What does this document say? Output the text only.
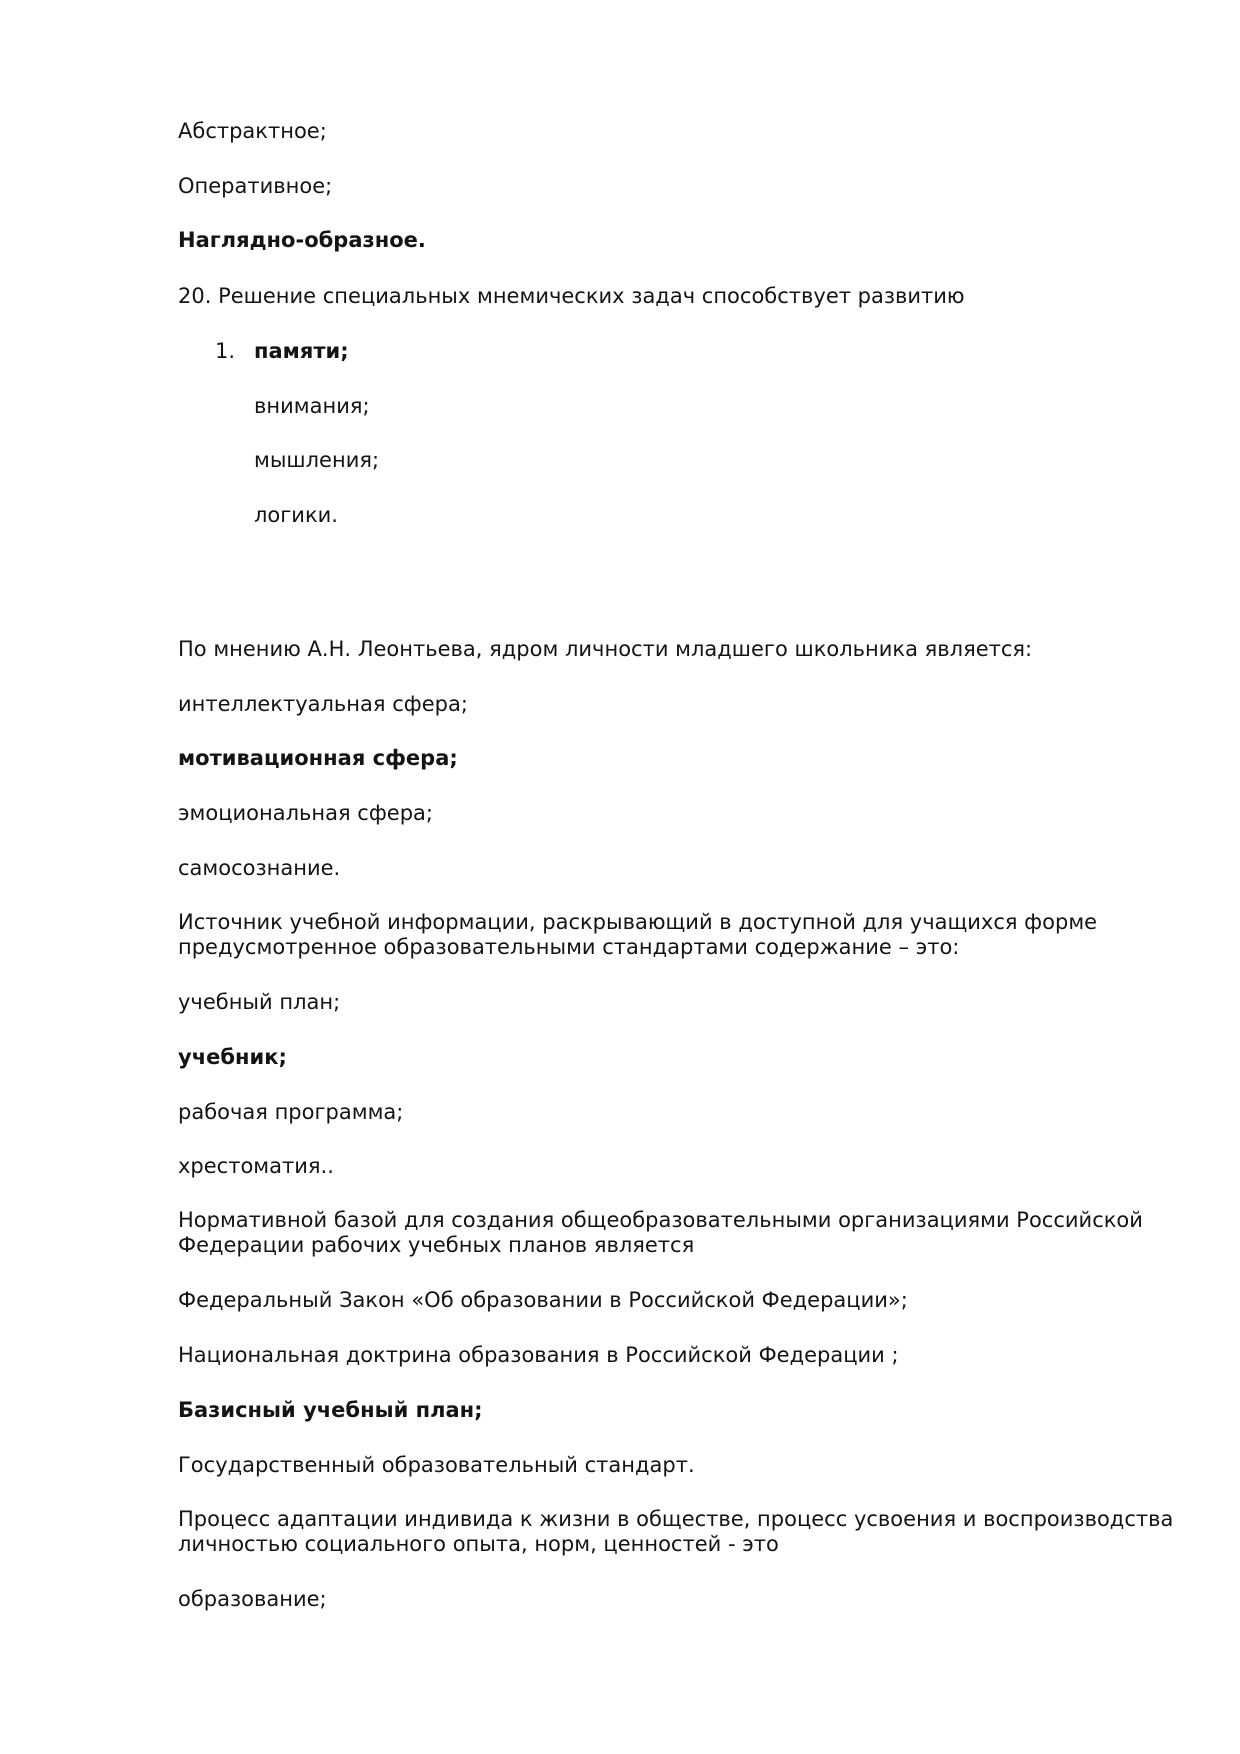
Абстрактное;
Оперативное;
Наглядно-образное.
20. Решение специальных мнемических задач способствует развитию
1. памяти;
внимания;
мышления;
логики.
По мнению А.Н. Леонтьева, ядром личности младшего школьника является:
интеллектуальная сфера;
мотивационная сфера;
эмоциональная сфера;
самосознание.
Источник учебной информации, раскрывающий в доступной для учащихся форме
предусмотренное образовательными стандартами содержание – это:
учебный план;
учебник;
рабочая программа;
хрестоматия..
Нормативной базой для создания общеобразовательными организациями Российской
Федерации рабочих учебных планов является
Федеральный Закон «Об образовании в Российской Федерации»;
Национальная доктрина образования в Российской Федерации ;
Базисный учебный план;
Государственный образовательный стандарт.
Процесс адаптации индивида к жизни в обществе, процесс усвоения и воспроизводства
личностью социального опыта, норм, ценностей - это
образование;
